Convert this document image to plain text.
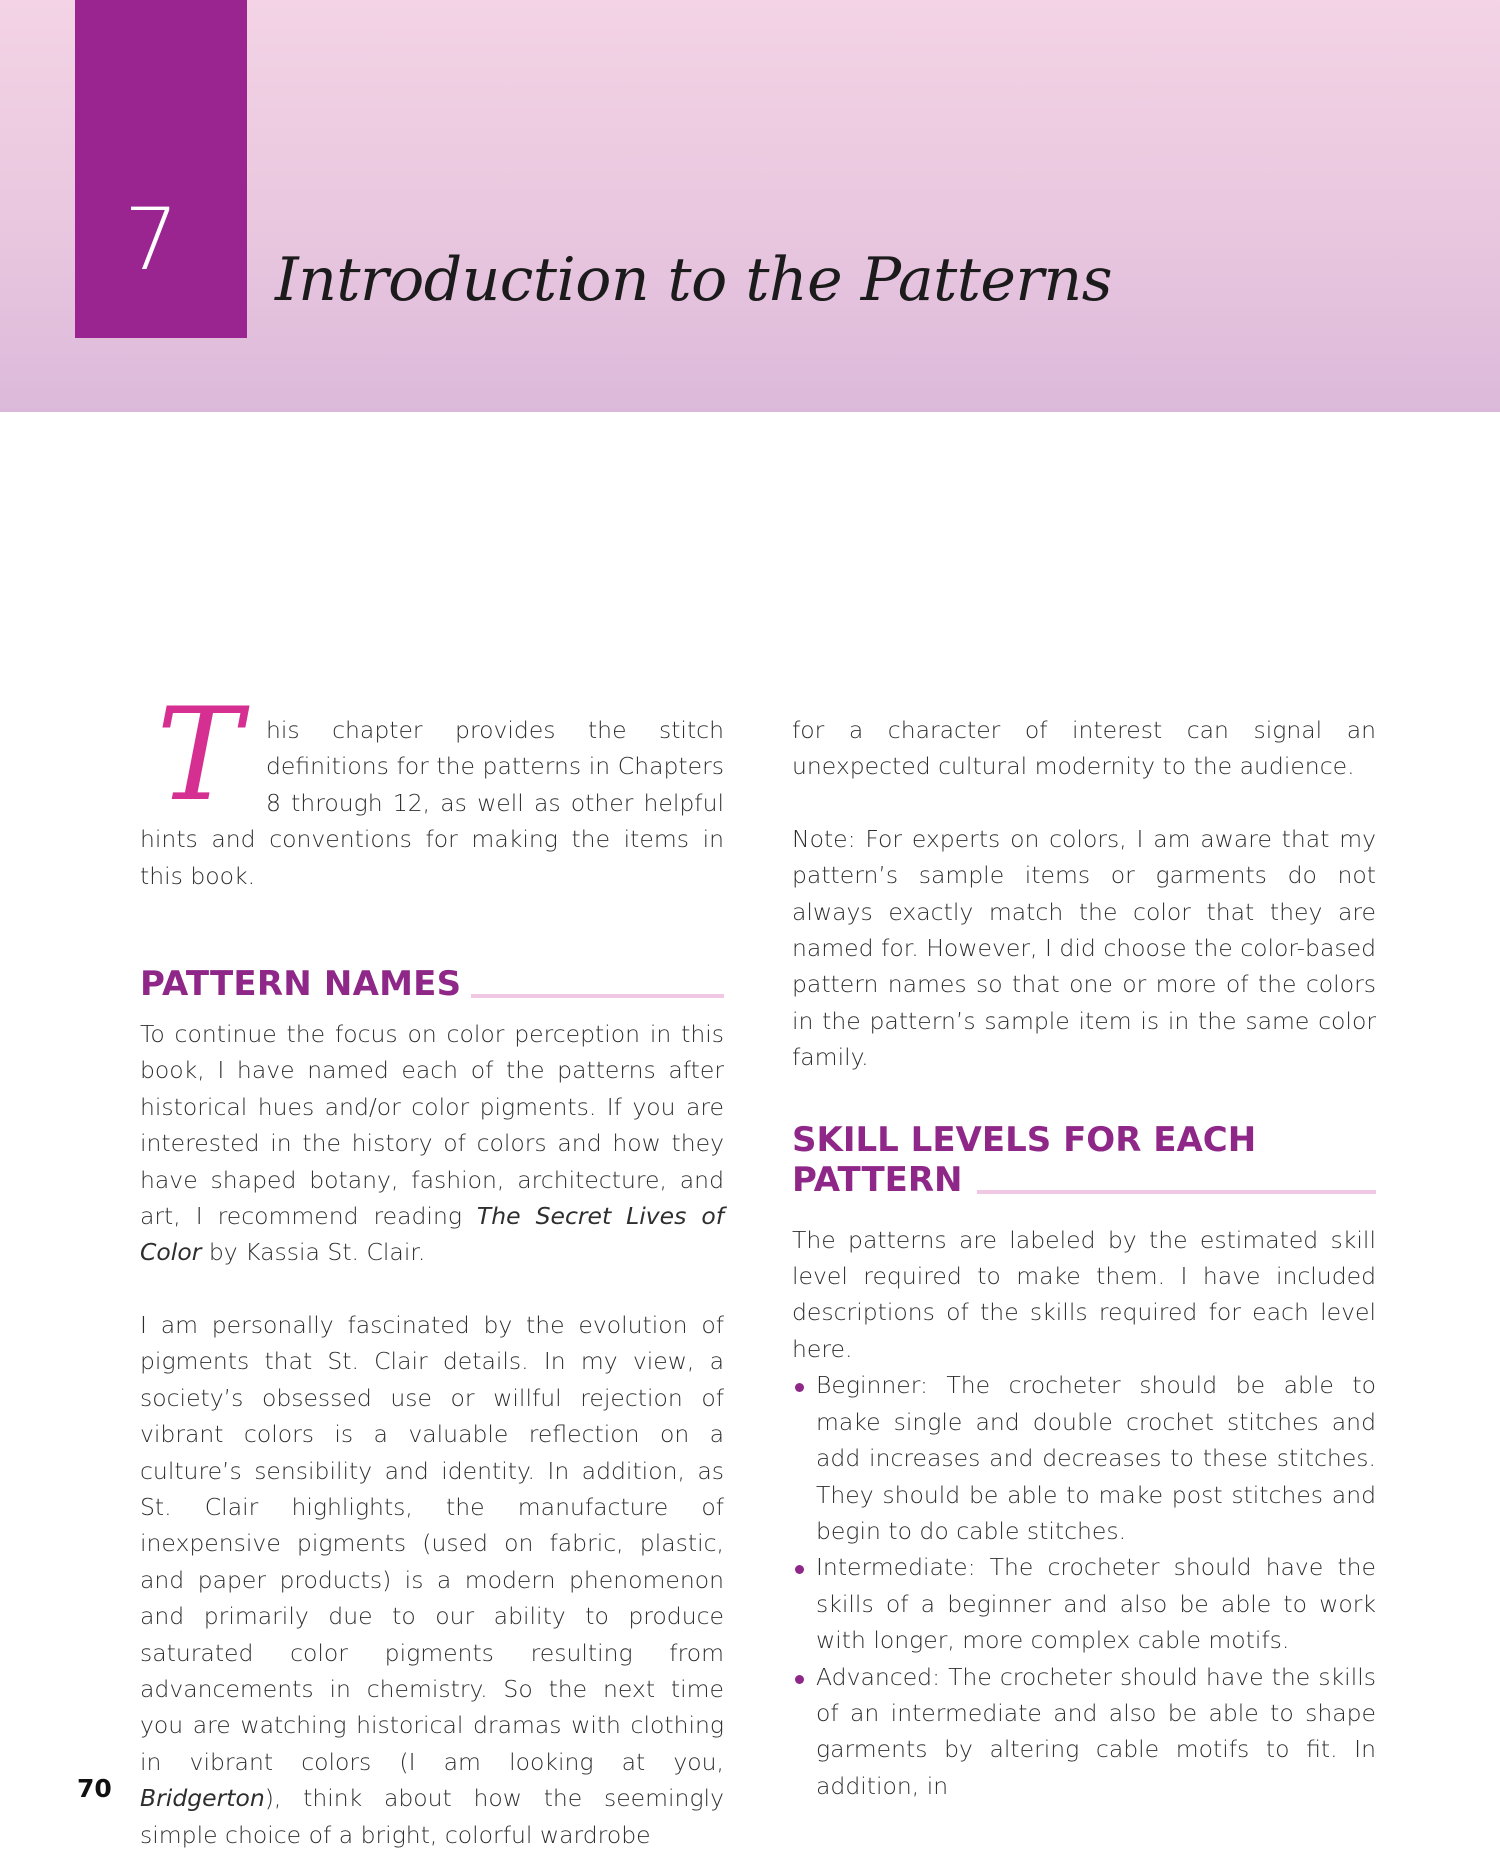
7 Introduction to the Patterns
T	his chapter provides the stitch definitions for the patterns in Chapters 8 through 12, as well as other helpful hints and conventions for making the items in this book.

PATTERN NAMES

To continue the focus on color perception in this book, I have named each of the patterns after historical hues and/or color pigments. If you are interested in the history of colors and how they have shaped botany, fashion, architecture, and art, I recommend reading The Secret Lives of Color by Kassia St. Clair.

I am personally fascinated by the evolution of pigments that St. Clair details. In my view, a society’s obsessed use or willful rejection of vibrant colors is a valuable reflection on a culture’s sensibility and identity. In addition, as St. Clair highlights, the manufacture of inexpensive pigments (used on fabric, plastic, and paper products) is a modern phenomenon and primarily due to our ability to produce saturated color pigments resulting from advancements in chemistry. So the next time you are watching historical dramas with clothing in vibrant colors (I am looking at you, Bridgerton), think about how the seemingly simple choice of a bright, colorful wardrobe

for a character of interest can signal an unexpected cultural modernity to the audience.

Note: For experts on colors, I am aware that my pattern’s sample items or garments do not always exactly match the color that they are named for. However, I did choose the color-based pattern names so that one or more of the colors in the pattern’s sample item is in the same color family.

SKILL LEVELS FOR EACH
PATTERN

The patterns are labeled by the estimated skill level required to make them. I have included descriptions of the skills required for each level here.

Beginner: The crocheter should be able to make single and double crochet stitches and add increases and decreases to these stitches. They should be able to make post stitches and begin to do cable stitches.
Intermediate: The crocheter should have the skills of a beginner and also be able to work with longer, more complex cable motifs.
Advanced: The crocheter should have the skills of an intermediate and also be able to shape garments by altering cable motifs to fit. In addition, in
70
